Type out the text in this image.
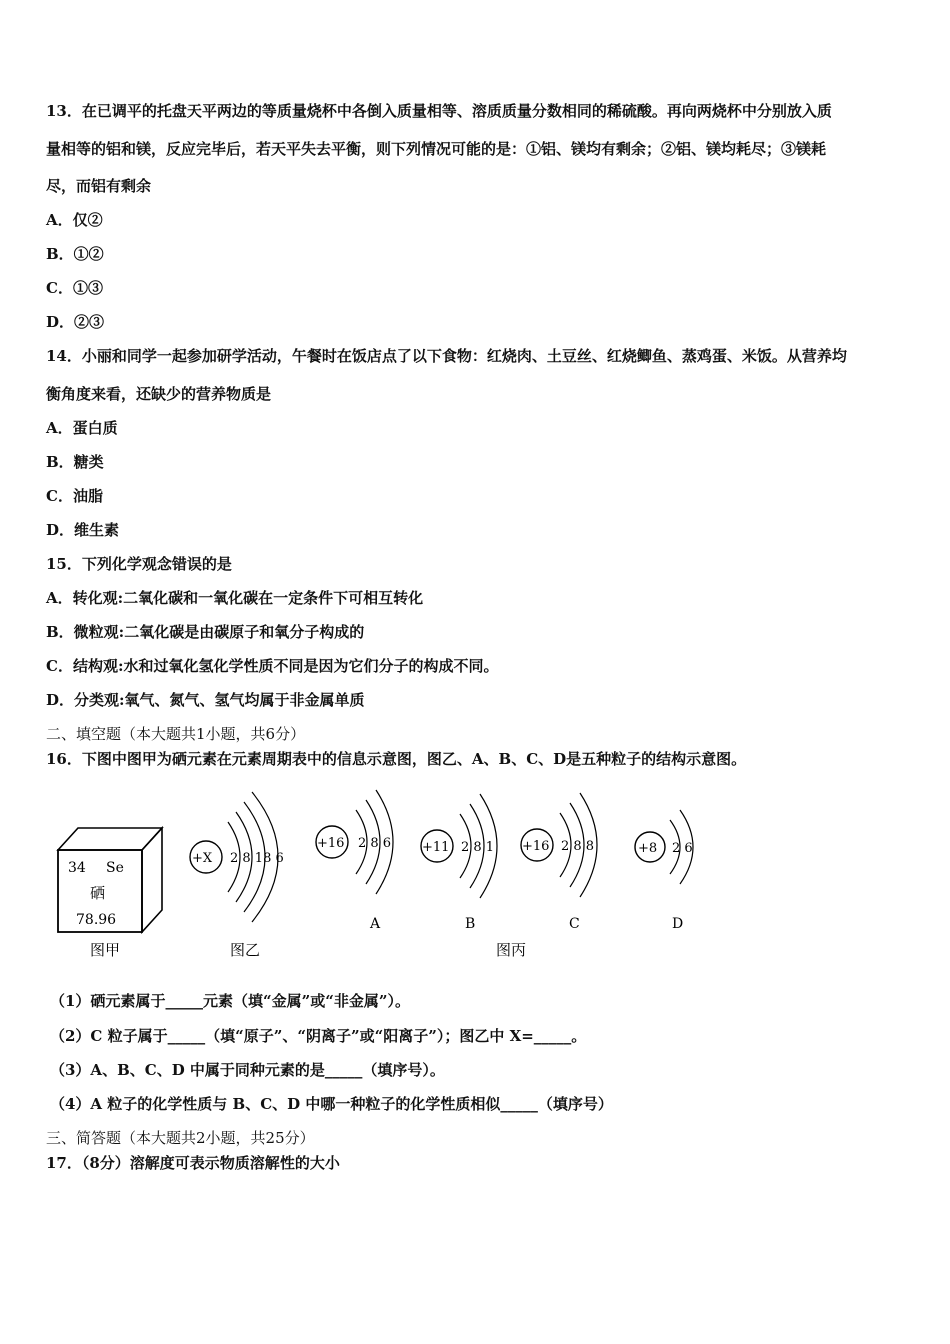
13．在已调平的托盘天平两边的等质量烧杯中各倒入质量相等、溶质质量分数相同的稀硫酸。再向两烧杯中分别放入质
量相等的铝和镁，反应完毕后，若天平失去平衡，则下列情况可能的是：①铝、镁均有剩余；②铝、镁均耗尽；③镁耗
尽，而铝有剩余
A．仅②
B．①②
C．①③
D．②③
14．小丽和同学一起参加研学活动，午餐时在饭店点了以下食物：红烧肉、土豆丝、红烧鲫鱼、蒸鸡蛋、米饭。从营养均
衡角度来看，还缺少的营养物质是
A．蛋白质
B．糖类
C．油脂
D．维生素
15．下列化学观念错误的是
A．转化观:二氧化碳和一氧化碳在一定条件下可相互转化
B．微粒观:二氧化碳是由碳原子和氧分子构成的
C．结构观:水和过氧化氢化学性质不同是因为它们分子的构成不同。
D．分类观:氧气、氮气、氢气均属于非金属单质
二、填空题（本大题共1小题，共6分）
16．下图中图甲为硒元素在元素周期表中的信息示意图，图乙、A、B、C、D是五种粒子的结构示意图。
34 Se
硒
78.96
+X 2 8 18 6
+16 2 8 6 +11 2 8 1 +16 2 8 8	+8 2 6
A	B	C	D
图甲	图乙	图丙
（1）硒元素属于_____元素（填“金属”或“非金属”）。
（2）C 粒子属于_____（填“原子”、“阴离子”或“阳离子”）；图乙中 X=_____。
（3）A、B、C、D 中属于同种元素的是_____（填序号）。
（4）A 粒子的化学性质与 B、C、D 中哪一种粒子的化学性质相似_____（填序号）
三、简答题（本大题共2小题，共25分）
17．（8分）溶解度可表示物质溶解性的大小
